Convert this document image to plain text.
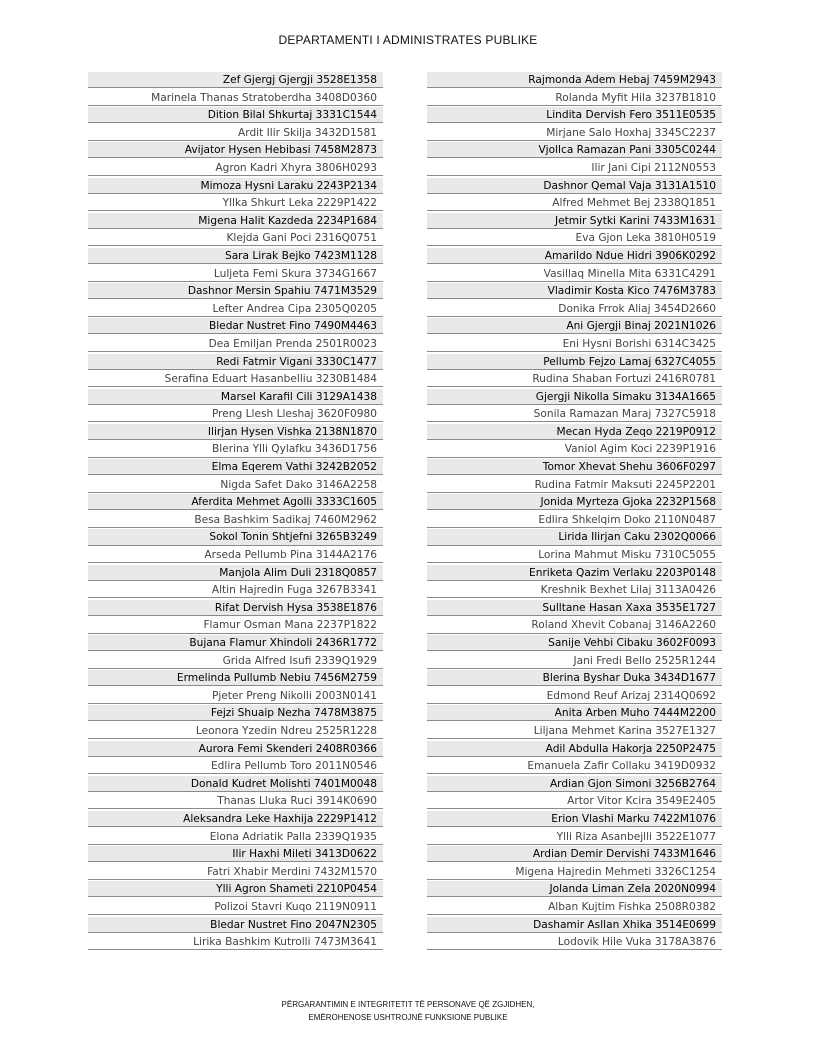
DEPARTAMENTI I ADMINISTRATES PUBLIKE
Zef Gjergj Gjergji 3528E1358
Marinela Thanas Stratoberdha 3408D0360
Dition Bilal Shkurtaj 3331C1544
Ardit Ilir Skilja 3432D1581
Avijator Hysen Hebibasi 7458M2873
Agron Kadri Xhyra 3806H0293
Mimoza Hysni Laraku 2243P2134
Yllka Shkurt Leka 2229P1422
Migena Halit Kazdeda 2234P1684
Klejda Gani Poci 2316Q0751
Sara Lirak Bejko 7423M1128
Luljeta Femi Skura 3734G1667
Dashnor Mersin Spahiu 7471M3529
Lefter Andrea Cipa 2305Q0205
Bledar Nustret Fino 7490M4463
Dea Emiljan Prenda 2501R0023
Redi Fatmir Vigani 3330C1477
Serafina Eduart Hasanbelliu 3230B1484
Marsel Karafil Cili 3129A1438
Preng Llesh Lleshaj 3620F0980
Ilirjan Hysen Vishka 2138N1870
Blerina Ylli Qylafku 3436D1756
Elma Eqerem Vathi 3242B2052
Nigda Safet Dako 3146A2258
Aferdita Mehmet Agolli 3333C1605
Besa Bashkim Sadikaj 7460M2962
Sokol Tonin Shtjefni 3265B3249
Arseda Pellumb Pina 3144A2176
Manjola Alim Duli 2318Q0857
Altin Hajredin Fuga 3267B3341
Rifat Dervish Hysa 3538E1876
Flamur Osman Mana 2237P1822
Bujana Flamur Xhindoli 2436R1772
Grida Alfred Isufi 2339Q1929
Ermelinda Pullumb Nebiu 7456M2759
Pjeter Preng Nikolli 2003N0141
Fejzi Shuaip Nezha 7478M3875
Leonora Yzedin Ndreu 2525R1228
Aurora Femi Skenderi 2408R0366
Edlira Pellumb Toro 2011N0546
Donald Kudret Molishti 7401M0048
Thanas Lluka Ruci 3914K0690
Aleksandra Leke Haxhija 2229P1412
Elona Adriatik Palla 2339Q1935
Ilir Haxhi Mileti 3413D0622
Fatri Xhabir Merdini 7432M1570
Ylli Agron Shameti 2210P0454
Polizoi Stavri Kuqo 2119N0911
Bledar Nustret Fino 2047N2305
Lirika Bashkim Kutrolli 7473M3641
Rajmonda Adem Hebaj 7459M2943
Rolanda Myfit Hila 3237B1810
Lindita Dervish Fero 3511E0535
Mirjane Salo Hoxhaj 3345C2237
Vjollca Ramazan Pani 3305C0244
Ilir Jani Cipi 2112N0553
Dashnor Qemal Vaja 3131A1510
Alfred Mehmet Bej 2338Q1851
Jetmir Sytki Karini 7433M1631
Eva Gjon Leka 3810H0519
Amarildo Ndue Hidri 3906K0292
Vasillaq Minella Mita 6331C4291
Vladimir Kosta Kico 7476M3783
Donika Frrok Aliaj 3454D2660
Ani Gjergji Binaj 2021N1026
Eni Hysni Borishi 6314C3425
Pellumb Fejzo Lamaj 6327C4055
Rudina Shaban Fortuzi 2416R0781
Gjergji Nikolla Simaku 3134A1665
Sonila Ramazan Maraj 7327C5918
Mecan Hyda Zeqo 2219P0912
Vaniol Agim Koci 2239P1916
Tomor Xhevat Shehu 3606F0297
Rudina Fatmir Maksuti 2245P2201
Jonida Myrteza Gjoka 2232P1568
Edlira Shkelqim Doko 2110N0487
Lirida Ilirjan Caku 2302Q0066
Lorina Mahmut Misku 7310C5055
Enriketa Qazim Verlaku 2203P0148
Kreshnik Bexhet Lilaj 3113A0426
Sulltane Hasan Xaxa 3535E1727
Roland Xhevit Cobanaj 3146A2260
Sanije Vehbi Cibaku 3602F0093
Jani Fredi Bello 2525R1244
Blerina Byshar Duka 3434D1677
Edmond Reuf Arizaj 2314Q0692
Anita Arben Muho 7444M2200
Liljana Mehmet Karina 3527E1327
Adil Abdulla Hakorja 2250P2475
Emanuela Zafir Collaku 3419D0932
Ardian Gjon Simoni 3256B2764
Artor Vitor Kcira 3549E2405
Erion Vlashi Marku 7422M1076
Ylli Riza Asanbejlli 3522E1077
Ardian Demir Dervishi 7433M1646
Migena Hajredin Mehmeti 3326C1254
Jolanda Liman Zela 2020N0994
Alban Kujtim Fishka 2508R0382
Dashamir Asllan Xhika 3514E0699
Lodovik Hile Vuka 3178A3876
PËRGARANTIMIN E INTEGRITETIT TË PERSONAVE QË ZGJIDHEN,
EMËROHENOSE USHTROJNË FUNKSIONE PUBLIKE
